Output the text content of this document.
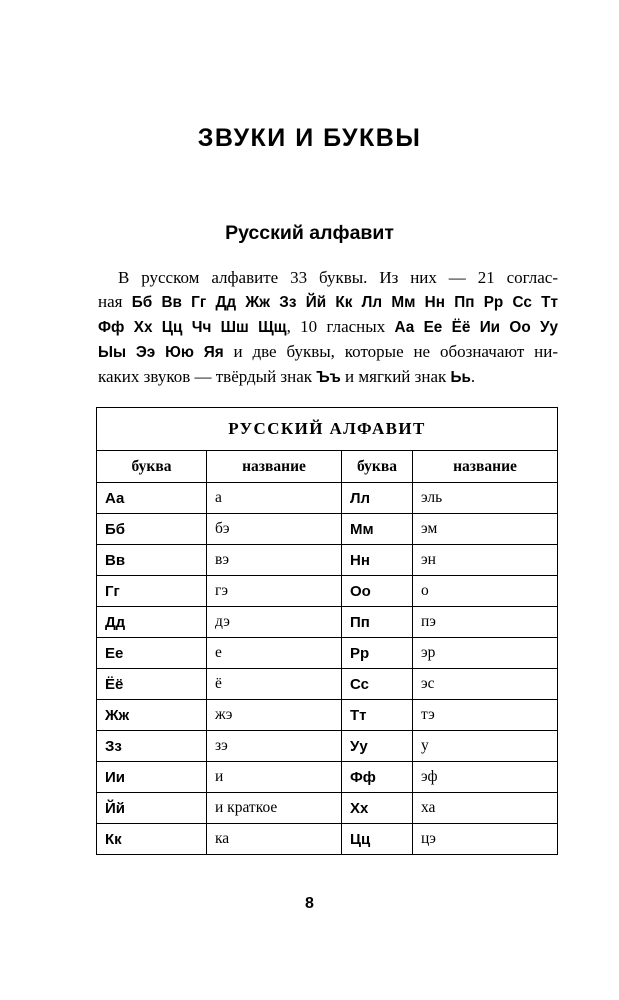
ЗВУКИ И БУКВЫ
Русский алфавит
В русском алфавите 33 буквы. Из них — 21 соглас-
ная Бб Вв Гг Дд Жж Зз Йй Кк Лл Мм Нн Пп Рр Сс Тт
Фф Хх Цц Чч Шш Щщ, 10 гласных Аа Ее Ёё Ии Оо Уу
Ыы Ээ Юю Яя и две буквы, которые не обозначают ни-
каких звуков — твёрдый знак Ъъ и мягкий знак Ьь.
РУССКИЙ АЛФАВИТ			
буква	название	буква	название
Аа	а	Лл	эль
Бб	бэ	Мм	эм
Вв	вэ	Нн	эн
Гг	гэ	Оо	о
Дд	дэ	Пп	пэ
Ее	е	Рр	эр
Ёё	ё	Сс	эс
Жж	жэ	Тт	тэ
Зз	зэ	Уу	у
Ии	и	Фф	эф
Йй	и краткое	Хх	ха
Кк	ка	Цц	цэ
8
